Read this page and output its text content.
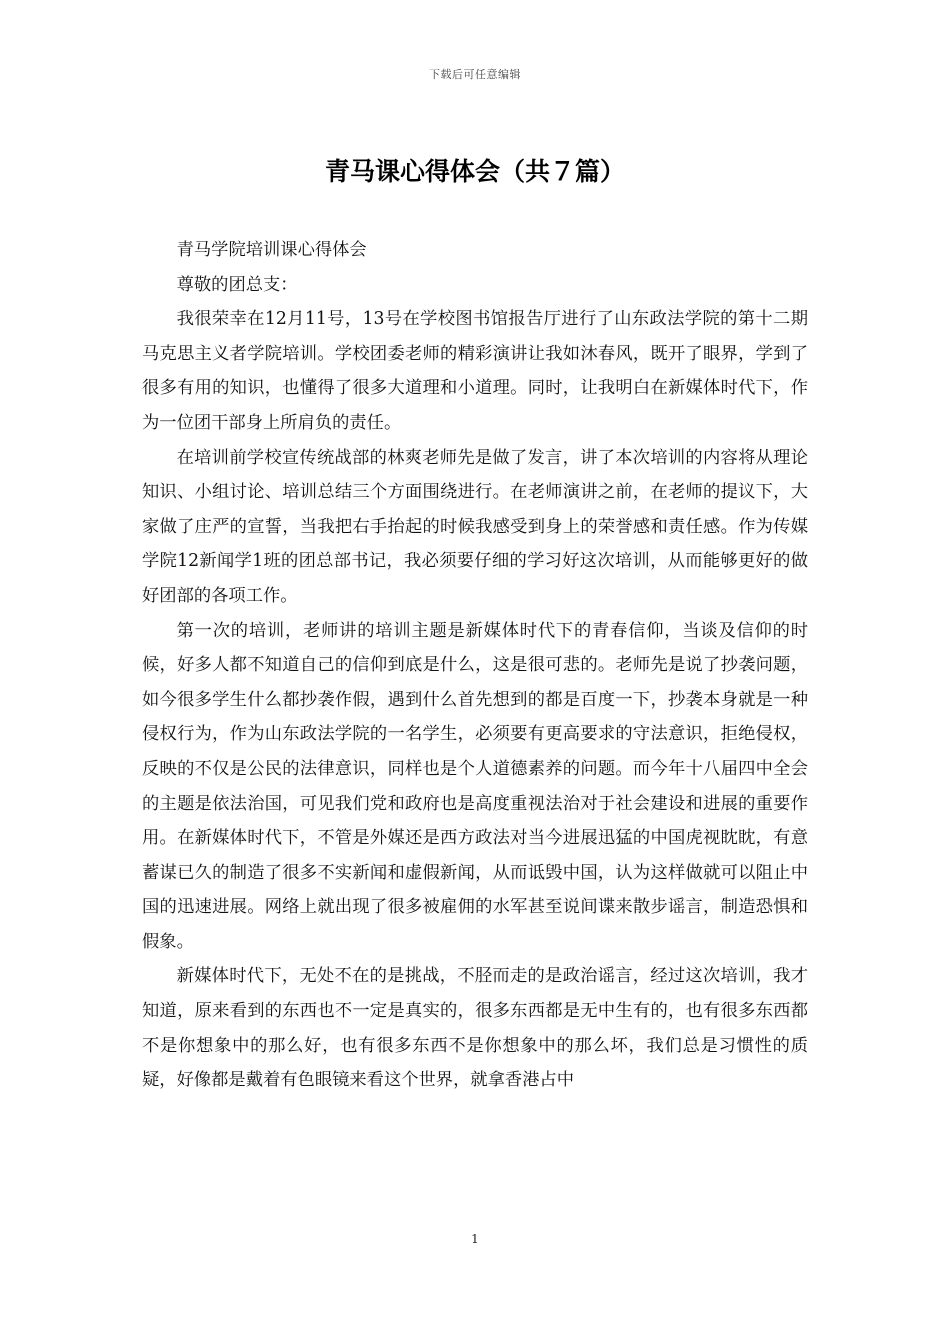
下载后可任意编辑
青马课心得体会（共７篇）

青马学院培训课心得体会

尊敬的团总支：

我很荣幸在12月11号，13号在学校图书馆报告厅进行了山东政法学院的第十二期马克思主义者学院培训。学校团委老师的精彩演讲让我如沐春风，既开了眼界，学到了很多有用的知识，也懂得了很多大道理和小道理。同时，让我明白在新媒体时代下，作为一位团干部身上所肩负的责任。

在培训前学校宣传统战部的林爽老师先是做了发言，讲了本次培训的内容将从理论知识、小组讨论、培训总结三个方面围绕进行。在老师演讲之前，在老师的提议下，大家做了庄严的宣誓，当我把右手抬起的时候我感受到身上的荣誉感和责任感。作为传媒学院12新闻学1班的团总部书记，我必须要仔细的学习好这次培训，从而能够更好的做好团部的各项工作。

第一次的培训，老师讲的培训主题是新媒体时代下的青春信仰，当谈及信仰的时候，好多人都不知道自己的信仰到底是什么，这是很可悲的。老师先是说了抄袭问题，如今很多学生什么都抄袭作假，遇到什么首先想到的都是百度一下，抄袭本身就是一种侵权行为，作为山东政法学院的一名学生，必须要有更高要求的守法意识，拒绝侵权，反映的不仅是公民的法律意识，同样也是个人道德素养的问题。而今年十八届四中全会的主题是依法治国，可见我们党和政府也是高度重视法治对于社会建设和进展的重要作用。在新媒体时代下，不管是外媒还是西方政法对当今进展迅猛的中国虎视眈眈，有意蓄谋已久的制造了很多不实新闻和虚假新闻，从而诋毁中国，认为这样做就可以阻止中国的迅速进展。网络上就出现了很多被雇佣的水军甚至说间谍来散步谣言，制造恐惧和假象。

新媒体时代下，无处不在的是挑战，不胫而走的是政治谣言，经过这次培训，我才知道，原来看到的东西也不一定是真实的，很多东西都是无中生有的，也有很多东西都不是你想象中的那么好，也有很多东西不是你想象中的那么坏，我们总是习惯性的质疑，好像都是戴着有色眼镜来看这个世界，就拿香港占中

1
